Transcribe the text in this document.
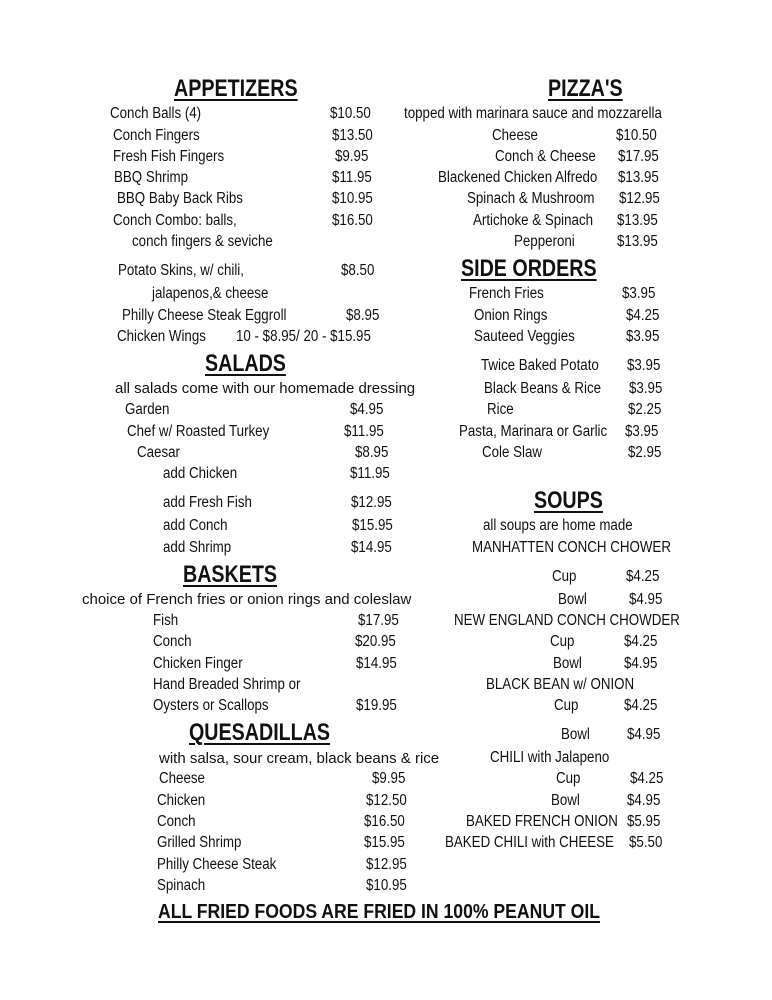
APPETIZERS
Conch Balls (4)	$10.50
Conch Fingers	$13.50
Fresh Fish Fingers	$9.95
BBQ Shrimp	$11.95
BBQ Baby Back Ribs	$10.95
Conch Combo: balls,	$16.50
conch fingers & seviche
Potato Skins, w/ chili,	$8.50
jalapenos,& cheese
Philly Cheese Steak Eggroll	$8.95
Chicken Wings 10 - $8.95/ 20 - $15.95
SALADS
all salads come with our homemade dressing
Garden	$4.95
Chef w/ Roasted Turkey	$11.95
Caesar	$8.95
add Chicken	$11.95
add Fresh Fish	$12.95
add Conch	$15.95
add Shrimp	$14.95
BASKETS
choice of French fries or onion rings and coleslaw
Fish	$17.95
Conch	$20.95
Chicken Finger	$14.95
Hand Breaded Shrimp or
Oysters or Scallops	$19.95
QUESADILLAS
with salsa, sour cream, black beans & rice
Cheese	$9.95
Chicken	$12.50
Conch	$16.50
Grilled Shrimp	$15.95
Philly Cheese Steak	$12.95
Spinach	$10.95
PIZZA'S
topped with marinara sauce and mozzarella
Cheese	$10.50
Conch & Cheese $17.95
Blackened Chicken Alfredo $13.95
Spinach & Mushroom $12.95
Artichoke & Spinach $13.95
Pepperoni	$13.95
SIDE ORDERS
French Fries	$3.95
Onion Rings	$4.25
Sauteed Veggies	$3.95
Twice Baked Potato $3.95
Black Beans & Rice $3.95
Rice	$2.25
Pasta, Marinara or Garlic $3.95
Cole Slaw	$2.95
SOUPS
all soups are home made
MANHATTEN CONCH CHOWER
Cup	$4.25
Bowl	$4.95
NEW ENGLAND CONCH CHOWDER
Cup	$4.25
Bowl	$4.95
BLACK BEAN w/ ONION
Cup	$4.25
Bowl $4.95
CHILI with Jalapeno
Cup	$4.25
Bowl	$4.95
BAKED FRENCH ONION $5.95
BAKED CHILI with CHEESE $5.50
ALL FRIED FOODS ARE FRIED IN 100% PEANUT OIL
